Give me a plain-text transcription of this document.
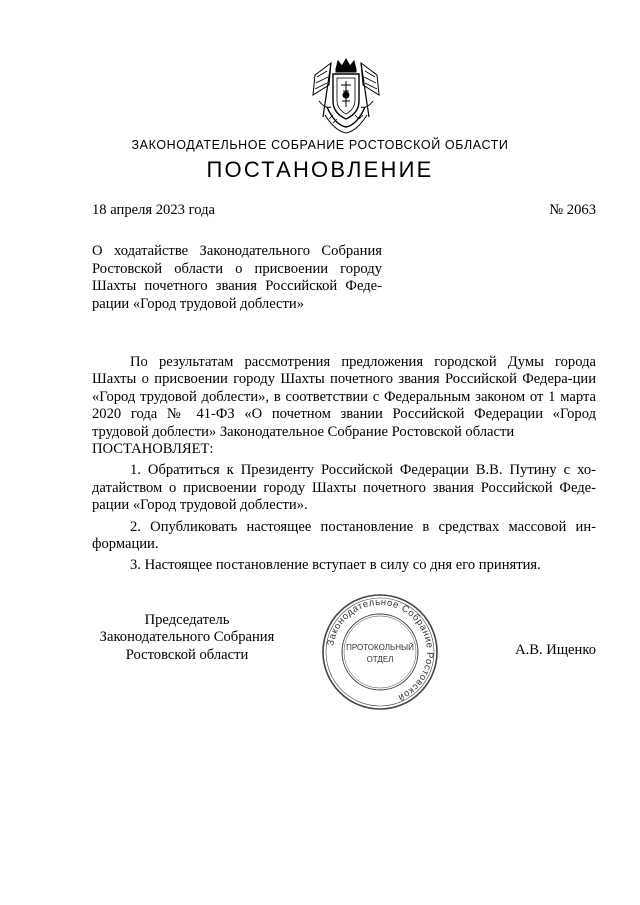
ЗАКОНОДАТЕЛЬНОЕ СОБРАНИЕ РОСТОВСКОЙ ОБЛАСТИ
ПОСТАНОВЛЕНИЕ
18 апреля 2023 года	№ 2063
О ходатайстве Законодательного Собрания Ростовской области о присвоении городу Шахты почетного звания Российской Феде-рации «Город трудовой доблести»

По результатам рассмотрения предложения городской Думы города Шахты о присвоении городу Шахты почетного звания Российской Федера-ции «Город трудовой доблести», в соответствии с Федеральным законом от 1 марта 2020 года № 41-ФЗ «О почетном звании Российской Федерации «Город трудовой доблести» Законодательное Собрание Ростовской области

ПОСТАНОВЛЯЕТ:

1. Обратиться к Президенту Российской Федерации В.В. Путину с хо-датайством о присвоении городу Шахты почетного звания Российской Феде-рации «Город трудовой доблести».

2. Опубликовать настоящее постановление в средствах массовой ин-формации.

3. Настоящее постановление вступает в силу со дня его принятия.

Председатель
Законодательного Собрания
Ростовской области
Законодательное Собрание Ростовской
ПРОТОКОЛЬНЫЙ
ОТДЕЛ
А.В. Ищенко
